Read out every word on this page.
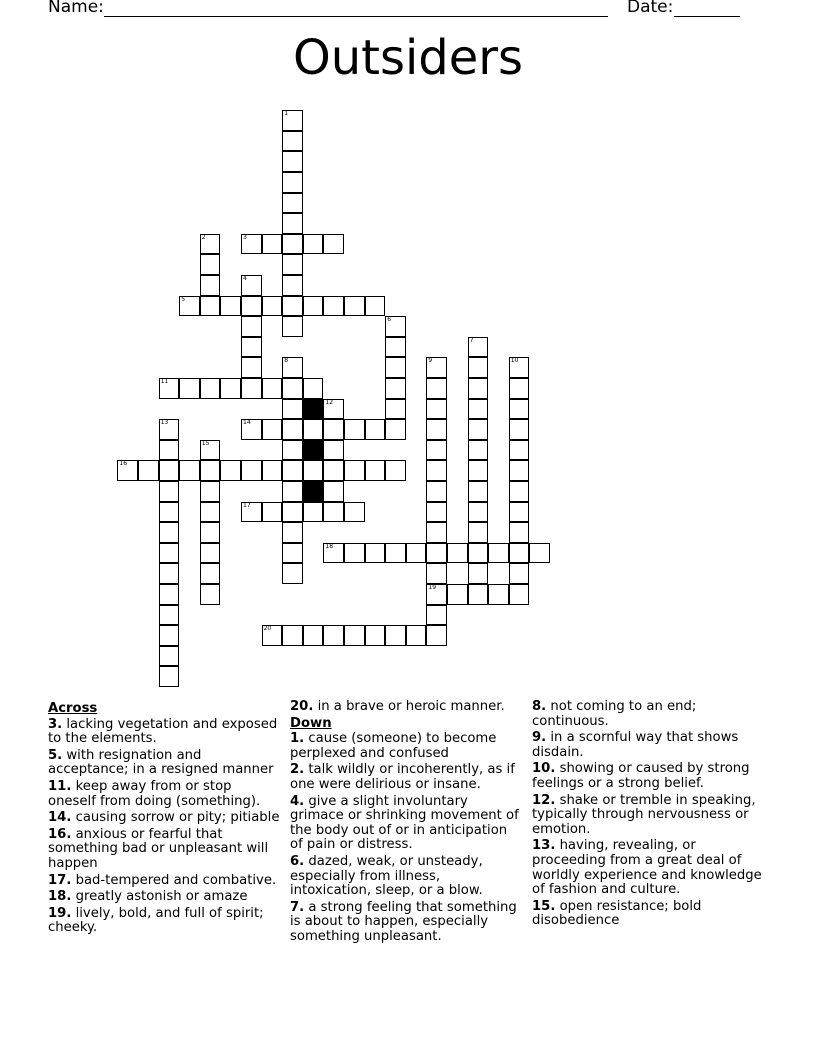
Name:	Date:
Outsiders
1
2	3
4
5
6
7
8	9
19
10
11
12
13	14
15
16
17
18
20
Across
3. lacking vegetation and exposed to the elements.
5. with resignation and acceptance; in a resigned manner
11. keep away from or stop oneself from doing (something).
14. causing sorrow or pity; pitiable
16. anxious or fearful that something bad or unpleasant will happen
17. bad-tempered and combative.
18. greatly astonish or amaze
19. lively, bold, and full of spirit; cheeky.
20. in a brave or heroic manner.
Down
1. cause (someone) to become perplexed and confused
2. talk wildly or incoherently, as if one were delirious or insane.
4. give a slight involuntary grimace or shrinking movement of the body out of or in anticipation of pain or distress.
6. dazed, weak, or unsteady, especially from illness, intoxication, sleep, or a blow.
7. a strong feeling that something is about to happen, especially something unpleasant.
8. not coming to an end; continuous.
9. in a scornful way that shows disdain.
10. showing or caused by strong feelings or a strong belief.
12. shake or tremble in speaking, typically through nervousness or emotion.
13. having, revealing, or proceeding from a great deal of worldly experience and knowledge of fashion and culture.
15. open resistance; bold disobedience
